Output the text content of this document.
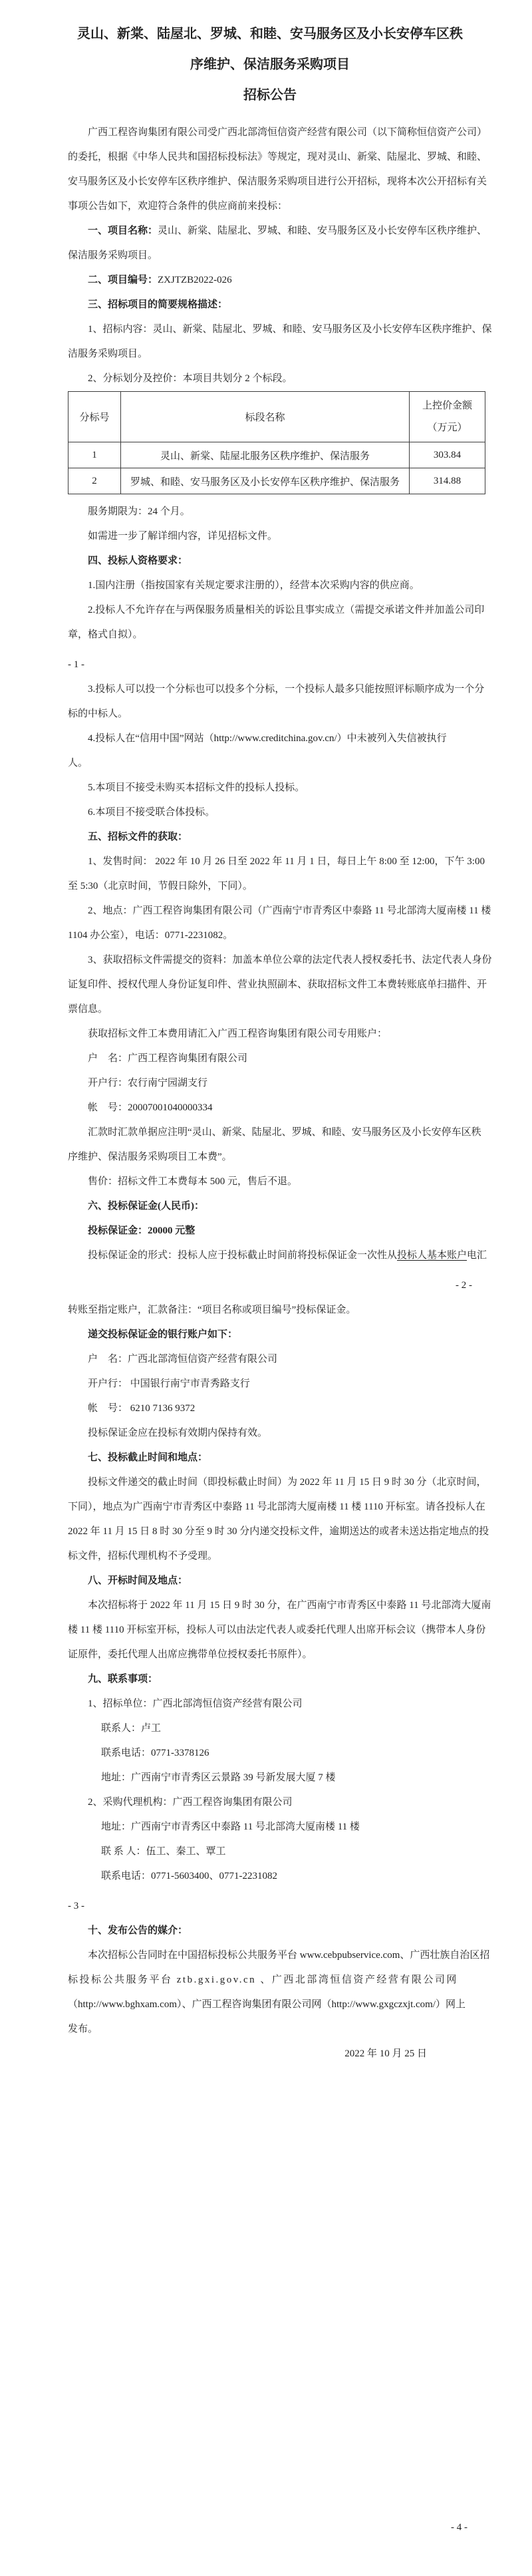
灵山、新棠、陆屋北、罗城、和睦、安马服务区及小长安停车区秩

序维护、保洁服务采购项目

招标公告

广西工程咨询集团有限公司受广西北部湾恒信资产经营有限公司（以下简称恒信资产公司）

的委托，根据《中华人民共和国招标投标法》等规定，现对灵山、新棠、陆屋北、罗城、和睦、

安马服务区及小长安停车区秩序维护、保洁服务采购项目进行公开招标，现将本次公开招标有关

事项公告如下，欢迎符合条件的供应商前来投标：

一、项目名称：灵山、新棠、陆屋北、罗城、和睦、安马服务区及小长安停车区秩序维护、

保洁服务采购项目。

二、项目编号：ZXJTZB2022-026

三、招标项目的简要规格描述：

1、招标内容：灵山、新棠、陆屋北、罗城、和睦、安马服务区及小长安停车区秩序维护、保

洁服务采购项目。

2、分标划分及控价：本项目共划分 2 个标段。

分标号	标段名称	上控价金额
（万元）

1	灵山、新棠、陆屋北服务区秩序维护、保洁服务	303.84
2	罗城、和睦、安马服务区及小长安停车区秩序维护、保洁服务	314.88

服务期限为：24 个月。

如需进一步了解详细内容，详见招标文件。

四、投标人资格要求：

1.国内注册（指按国家有关规定要求注册的），经营本次采购内容的供应商。

2.投标人不允许存在与两保服务质量相关的诉讼且事实成立（需提交承诺文件并加盖公司印

章，格式自拟）。

- 1 -

3.投标人可以投一个分标也可以投多个分标，一个投标人最多只能按照评标顺序成为一个分

标的中标人。

4.投标人在“信用中国”网站（http://www.creditchina.gov.cn/）中未被列入失信被执行

人。

5.本项目不接受未购买本招标文件的投标人投标。

6.本项目不接受联合体投标。

五、招标文件的获取：

1、发售时间： 2022 年 10 月 26 日至 2022 年 11 月 1 日，每日上午 8:00 至 12:00，下午 3:00

至 5:30（北京时间，节假日除外，下同）。

2、地点：广西工程咨询集团有限公司（广西南宁市青秀区中泰路 11 号北部湾大厦南楼 11 楼

1104 办公室），电话：0771-2231082。

3、获取招标文件需提交的资料：加盖本单位公章的法定代表人授权委托书、法定代表人身份

证复印件、授权代理人身份证复印件、营业执照副本、获取招标文件工本费转账底单扫描件、开

票信息。

获取招标文件工本费用请汇入广西工程咨询集团有限公司专用账户：

户　名：广西工程咨询集团有限公司

开户行：农行南宁园湖支行

帐　号：20007001040000334

汇款时汇款单据应注明“灵山、新棠、陆屋北、罗城、和睦、安马服务区及小长安停车区秩

序维护、保洁服务采购项目工本费”。

售价：招标文件工本费每本 500 元，售后不退。

六、投标保证金(人民币)：

投标保证金：20000 元整

投标保证金的形式：投标人应于投标截止时间前将投标保证金一次性从投标人基本账户电汇

- 2 -

转账至指定账户，汇款备注：“项目名称或项目编号”投标保证金。

递交投标保证金的银行账户如下：

户　名：广西北部湾恒信资产经营有限公司

开户行： 中国银行南宁市青秀路支行

帐　号： 6210 7136 9372

投标保证金应在投标有效期内保持有效。

七、投标截止时间和地点：

投标文件递交的截止时间（即投标截止时间）为 2022 年 11 月 15 日 9 时 30 分（北京时间，

下同），地点为广西南宁市青秀区中泰路 11 号北部湾大厦南楼 11 楼 1110 开标室。请各投标人在

2022 年 11 月 15 日 8 时 30 分至 9 时 30 分内递交投标文件，逾期送达的或者未送达指定地点的投

标文件，招标代理机构不予受理。

八、开标时间及地点：

本次招标将于 2022 年 11 月 15 日 9 时 30 分，在广西南宁市青秀区中泰路 11 号北部湾大厦南

楼 11 楼 1110 开标室开标，投标人可以由法定代表人或委托代理人出席开标会议（携带本人身份

证原件，委托代理人出席应携带单位授权委托书原件）。

九、联系事项：

1、招标单位：广西北部湾恒信资产经营有限公司

联系人：卢工

联系电话：0771-3378126

地址：广西南宁市青秀区云景路 39 号新发展大厦 7 楼

2、采购代理机构：广西工程咨询集团有限公司

地址：广西南宁市青秀区中泰路 11 号北部湾大厦南楼 11 楼

联 系 人：伍工、秦工、覃工

联系电话：0771-5603400、0771-2231082

- 3 -

十、发布公告的媒介：

本次招标公告同时在中国招标投标公共服务平台 www.cebpubservice.com、广西壮族自治区招

标投标公共服务平台 ztb.gxi.gov.cn 、广西北部湾恒信资产经营有限公司网

（http://www.bghxam.com）、广西工程咨询集团有限公司网（http://www.gxgczxjt.com/）网上

发布。

2022 年 10 月 25 日

- 4 -
